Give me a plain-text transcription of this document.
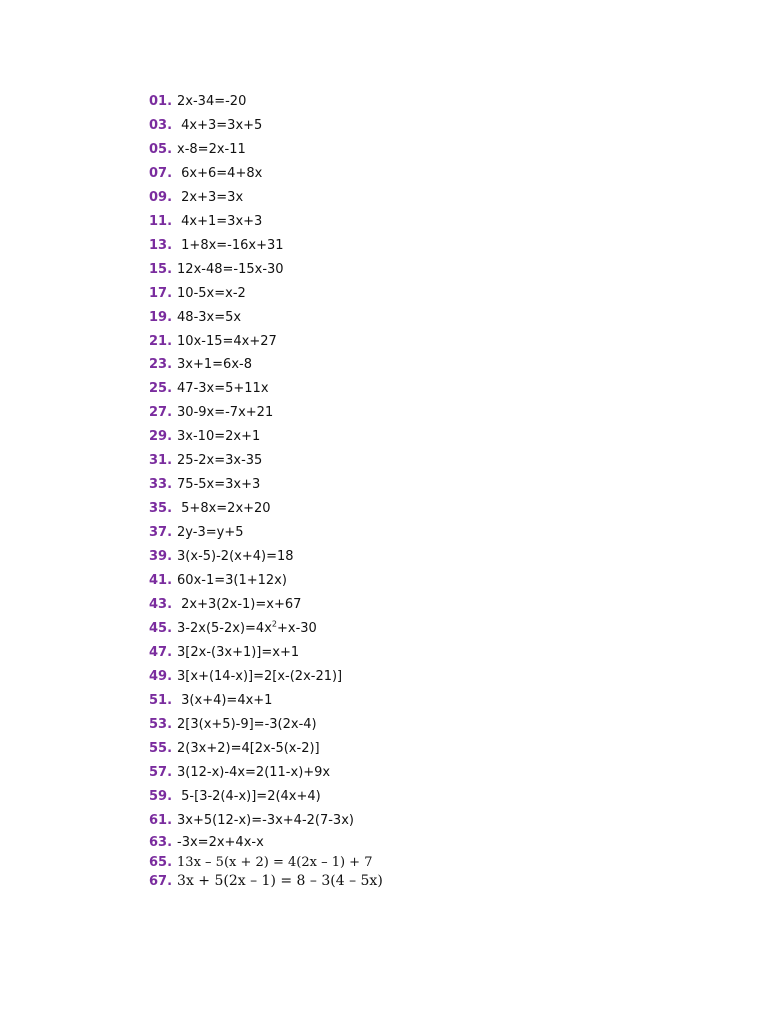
01. 2x-34=-20
03. 4x+3=3x+5
05. x-8=2x-11
07. 6x+6=4+8x
09. 2x+3=3x
11. 4x+1=3x+3
13. 1+8x=-16x+31
15. 12x-48=-15x-30
17. 10-5x=x-2
19. 48-3x=5x
21. 10x-15=4x+27
23. 3x+1=6x-8
25. 47-3x=5+11x
27. 30-9x=-7x+21
29. 3x-10=2x+1
31. 25-2x=3x-35
33. 75-5x=3x+3
35. 5+8x=2x+20
37. 2y-3=y+5
39. 3(x-5)-2(x+4)=18
41. 60x-1=3(1+12x)
43. 2x+3(2x-1)=x+67
45. $3-2x(5-2x)=4x^2+x-30$
47. 3[2x-(3x+1)]=x+1
49. 3[x+(14-x)]=2[x-(2x-21)]
51. 3(x+4)=4x+1
53. 2[3(x+5)-9]=-3(2x-4)
55. 2(3x+2)=4[2x-5(x-2)]
57. 3(12-x)-4x=2(11-x)+9x
59. 5-[3-2(4-x)]=2(4x+4)
61. 3x+5(12-x)=-3x+4-2(7-3x)
63. -3x=2x+4x-x
65. 13x – 5(x + 2) = 4(2x – 1) + 7
67. 3x + 5(2x – 1) = 8 – 3(4 – 5x)
